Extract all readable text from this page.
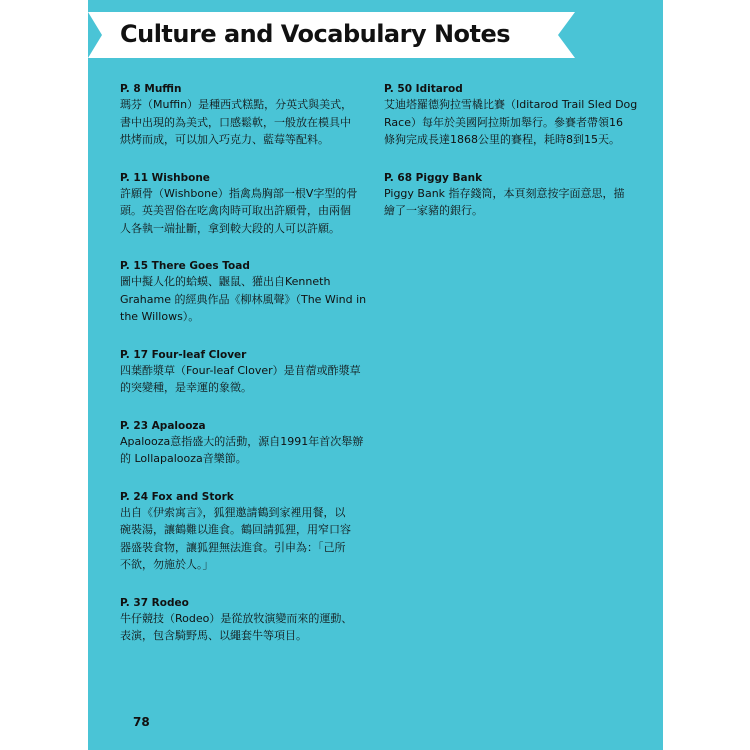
Culture and Vocabulary Notes
P. 8 Muffin
瑪芬（Muffin）是種西式糕點，分英式與美式，
書中出現的為美式，口感鬆軟，一般放在模具中
烘烤而成，可以加入巧克力、藍莓等配料。
P. 11 Wishbone
許願骨（Wishbone）指禽鳥胸部一根V字型的骨
頭。英美習俗在吃禽肉時可取出許願骨，由兩個
人各執一端扯斷，拿到較大段的人可以許願。
P. 15 There Goes Toad
圖中擬人化的蛤蟆、鼴鼠、獾出自Kenneth
Grahame 的經典作品《柳林風聲》（The Wind in
the Willows）。
P. 17 Four-leaf Clover
四葉酢漿草（Four-leaf Clover）是苜蓿或酢漿草
的突變種，是幸運的象徵。
P. 23 Apalooza
Apalooza意指盛大的活動，源自1991年首次舉辦
的 Lollapalooza音樂節。
P. 24 Fox and Stork
出自《伊索寓言》，狐狸邀請鶴到家裡用餐，以
碗裝湯，讓鶴難以進食。鶴回請狐狸，用窄口容
器盛裝食物，讓狐狸無法進食。引申為：「己所
不欲，勿施於人。」
P. 37 Rodeo
牛仔競技（Rodeo）是從放牧演變而來的運動、
表演，包含騎野馬、以繩套牛等項目。
P. 50 Iditarod
艾迪塔羅德狗拉雪橇比賽（Iditarod Trail Sled Dog
Race）每年於美國阿拉斯加舉行。參賽者帶領16
條狗完成長達1868公里的賽程，耗時8到15天。
P. 68 Piggy Bank
Piggy Bank 指存錢筒，本頁刻意按字面意思，描
繪了一家豬的銀行。
78
